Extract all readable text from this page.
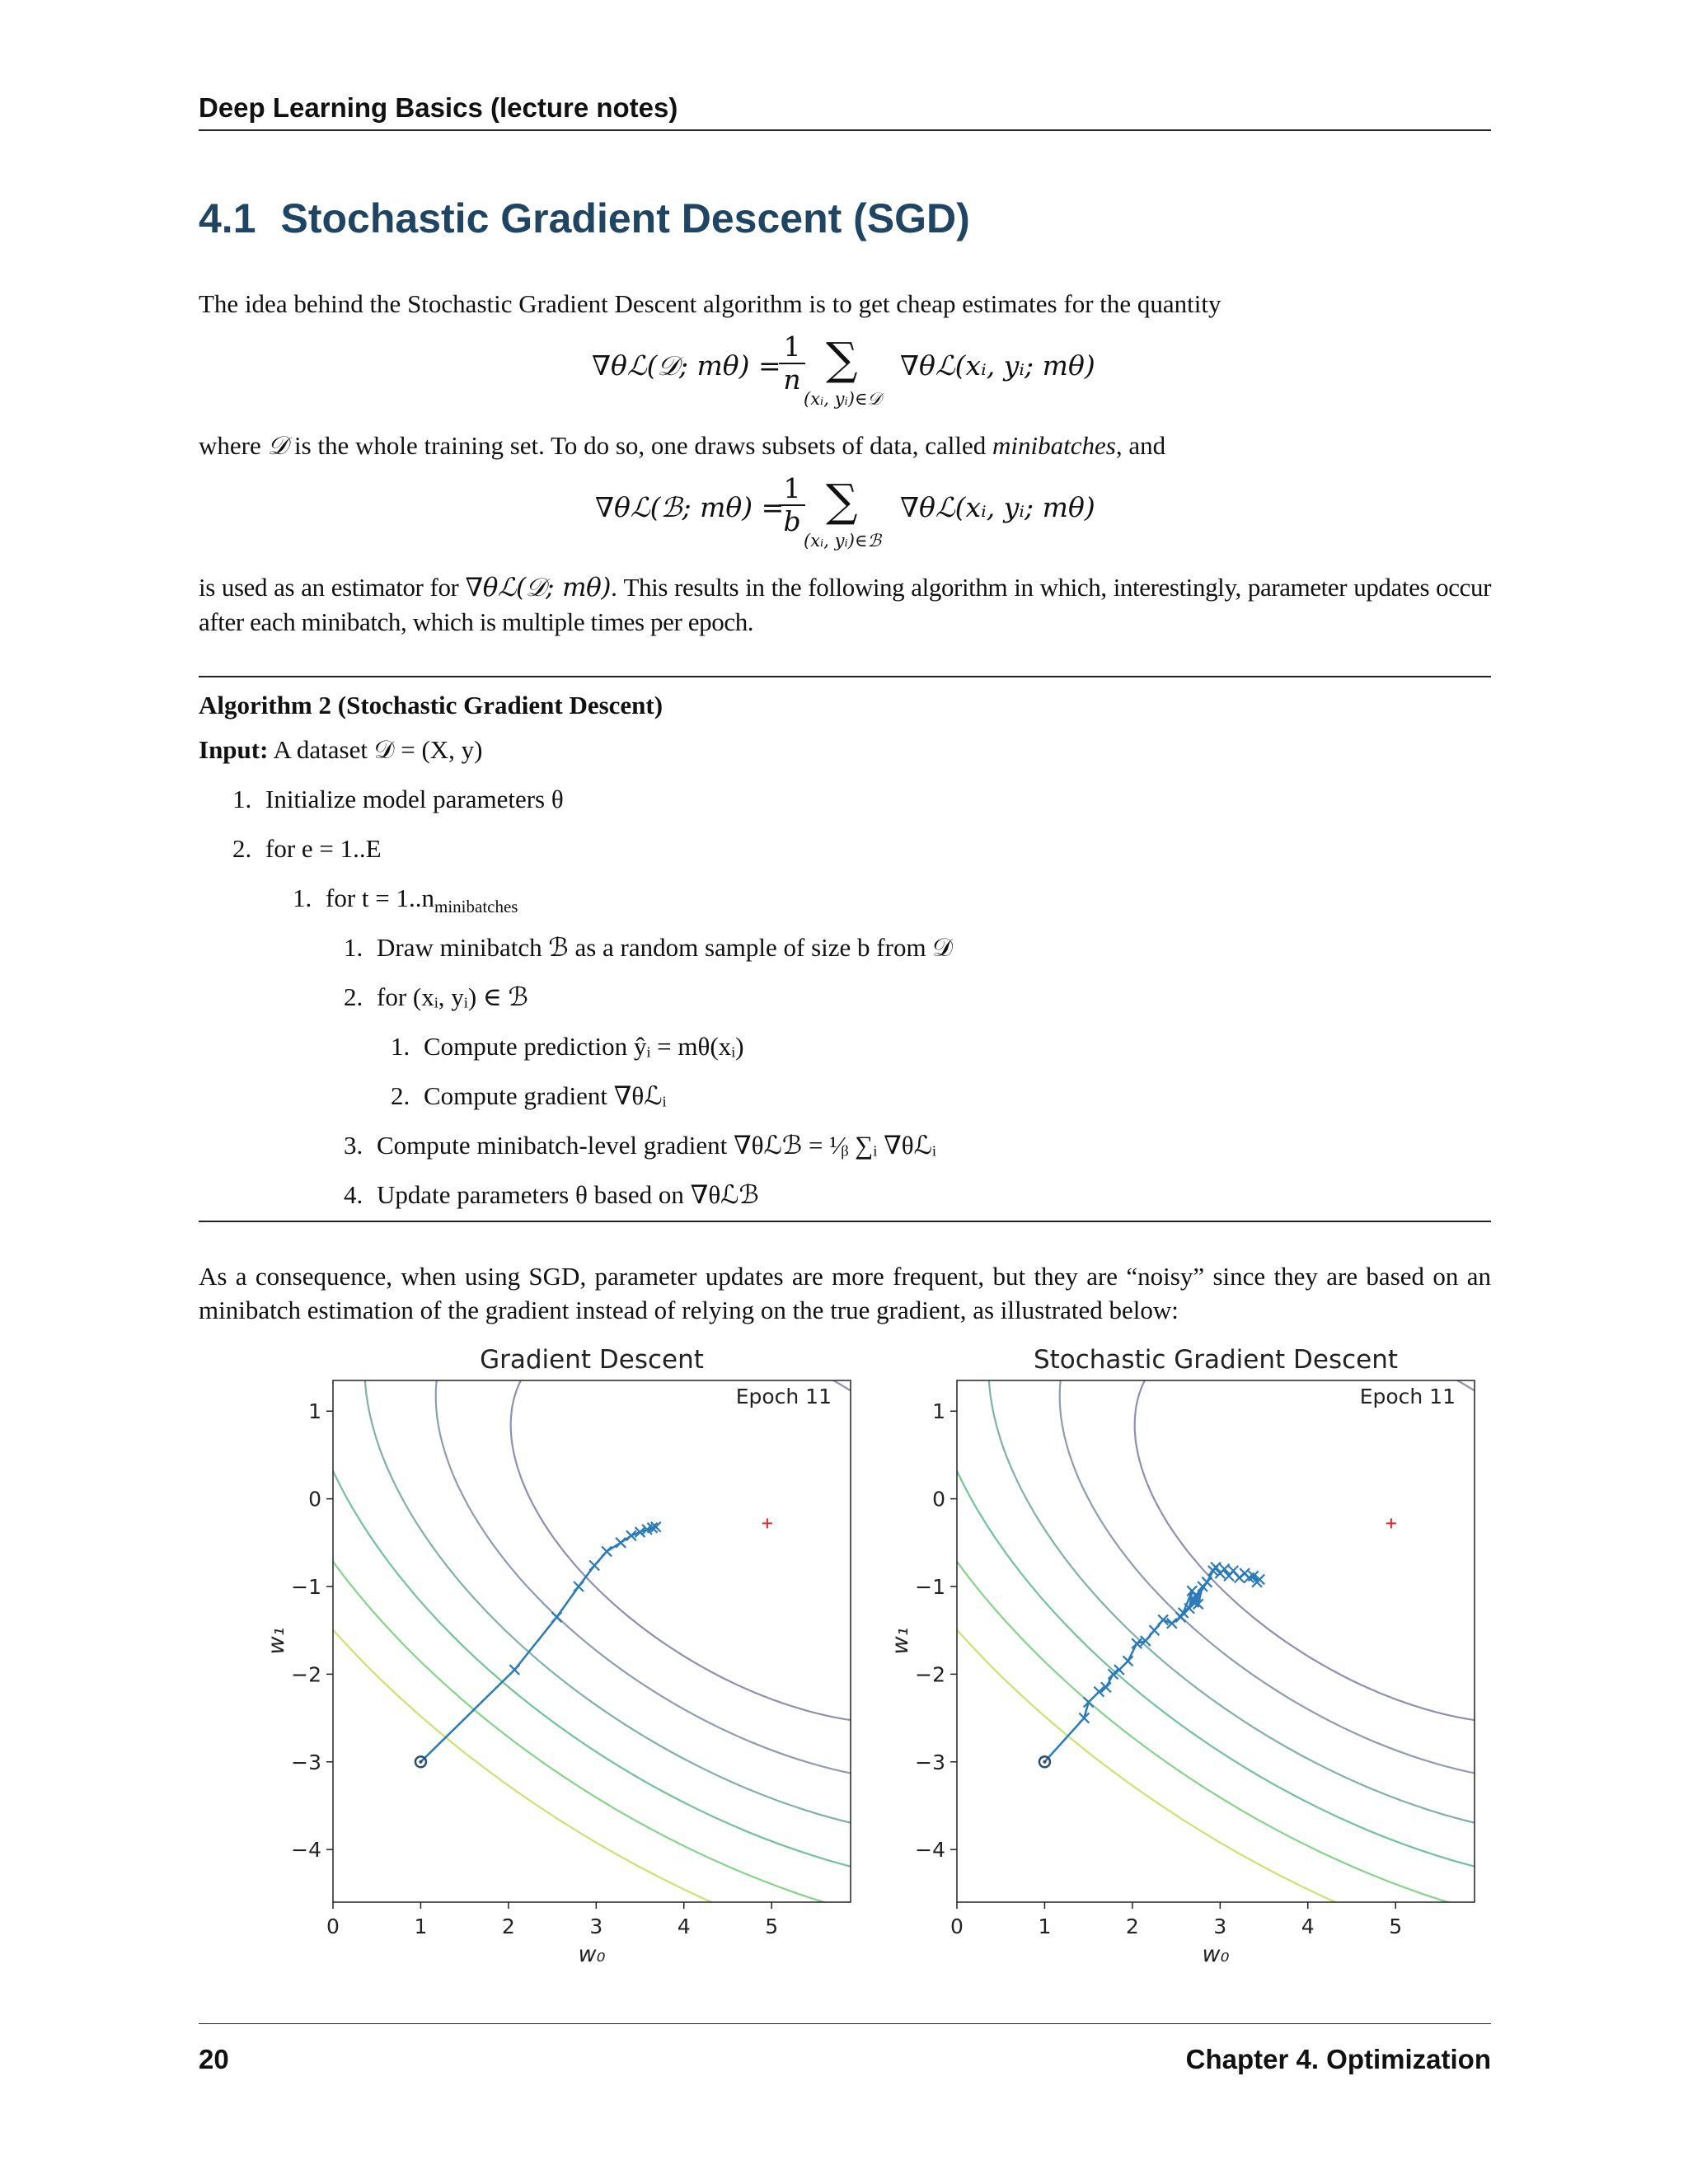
Deep Learning Basics (lecture notes)
4.1 Stochastic Gradient Descent (SGD)
The idea behind the Stochastic Gradient Descent algorithm is to get cheap estimates for the quantity
∇θℒ(𝒟; mθ) =
1
n ∑
(xᵢ, yᵢ)∈𝒟
∇θℒ(xᵢ, yᵢ; mθ)
where 𝒟 is the whole training set. To do so, one draws subsets of data, called minibatches, and
∇θℒ(ℬ; mθ) =
1
b ∑
(xᵢ, yᵢ)∈ℬ
∇θℒ(xᵢ, yᵢ; mθ)
is used as an estimator for ∇θℒ(𝒟; mθ). This results in the following algorithm in which, interestingly, parameter updates occur after each minibatch, which is multiple times per epoch.
Algorithm 2 (Stochastic Gradient Descent)
Input: A dataset 𝒟 = (X, y)
1. Initialize model parameters θ
2. for e = 1..E
1. for $t = 1..n_{minibatches}$
1. Draw minibatch ℬ as a random sample of size b from 𝒟
2. for (xᵢ, yᵢ) ∈ ℬ
1. Compute prediction ŷᵢ = mθ(xᵢ)
2. Compute gradient ∇θℒᵢ
3. Compute minibatch-level gradient ∇θℒℬ = ¹⁄ᵦ ∑ᵢ ∇θℒᵢ
4. Update parameters θ based on ∇θℒℬ
As a consequence, when using SGD, parameter updates are more frequent, but they are “noisy” since they are based on an minibatch estimation of the gradient instead of relying on the true gradient, as illustrated below:
Gradient Descent
Epoch 11
0	1	2	3	4	5
1
0
−1
−2
−3
−4
w₀
w₁
Stochastic Gradient Descent
Epoch 11
0	1	2	3	4	5
1
0
−1
−2
−3
−4
w₀
w₁
20	Chapter 4. Optimization
